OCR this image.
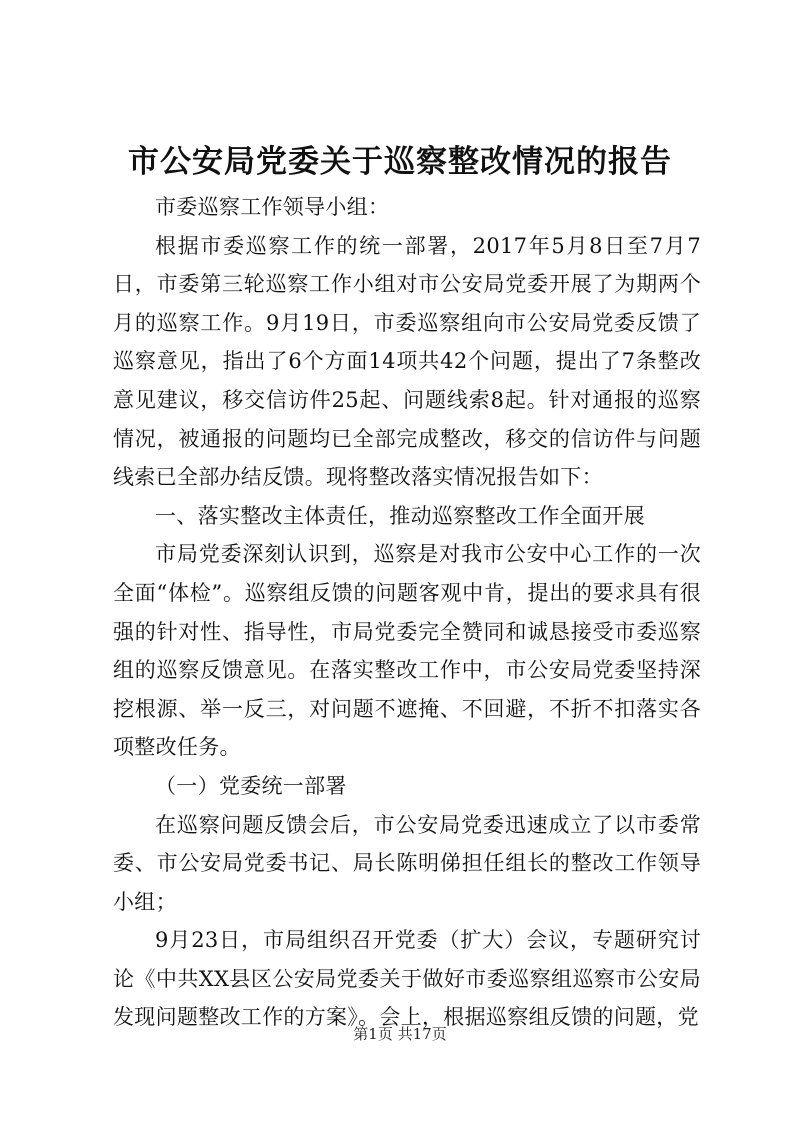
市公安局党委关于巡察整改情况的报告

市委巡察工作领导小组：

根据市委巡察工作的统一部署，2017年5月8日至7月7日，市委第三轮巡察工作小组对市公安局党委开展了为期两个月的巡察工作。9月19日，市委巡察组向市公安局党委反馈了巡察意见，指出了6个方面14项共42个问题，提出了7条整改意见建议，移交信访件25起、问题线索8起。针对通报的巡察情况，被通报的问题均已全部完成整改，移交的信访件与问题线索已全部办结反馈。现将整改落实情况报告如下：

一、落实整改主体责任，推动巡察整改工作全面开展

市局党委深刻认识到，巡察是对我市公安中心工作的一次全面“体检”。巡察组反馈的问题客观中肯，提出的要求具有很强的针对性、指导性，市局党委完全赞同和诚恳接受市委巡察组的巡察反馈意见。在落实整改工作中，市公安局党委坚持深挖根源、举一反三，对问题不遮掩、不回避，不折不扣落实各项整改任务。

（一）党委统一部署

在巡察问题反馈会后，市公安局党委迅速成立了以市委常委、市公安局党委书记、局长陈明俤担任组长的整改工作领导小组；

9月23日，市局组织召开党委（扩大）会议，专题研究讨论《中共XX县区公安局党委关于做好市委巡察组巡察市公安局发现问题整改工作的方案》。会上，根据巡察组反馈的问题，党

第1页 共17页
